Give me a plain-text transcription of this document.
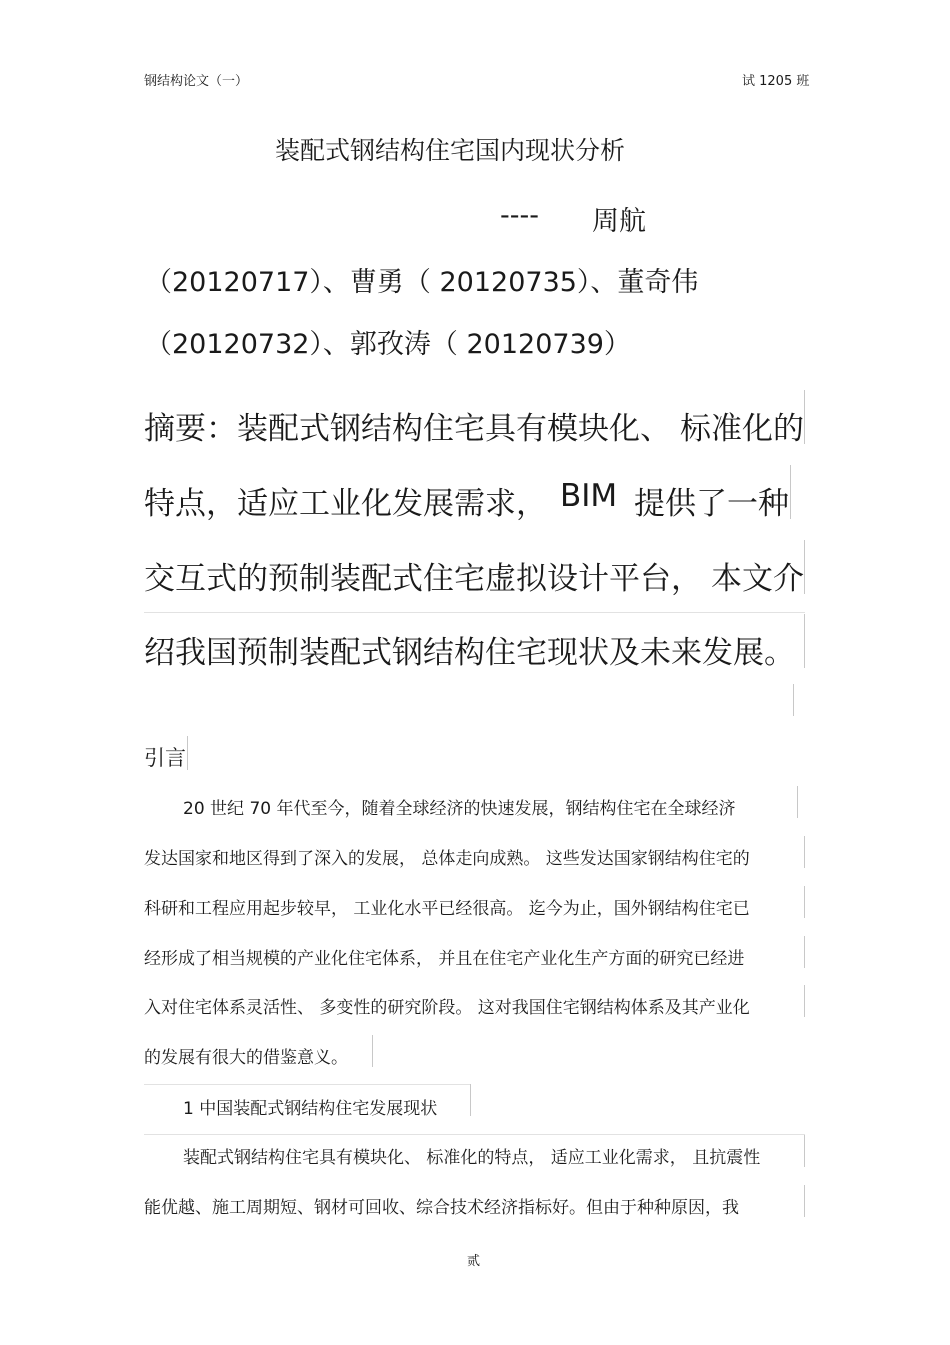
钢结构论文（一）	试 1205 班
装配式钢结构住宅国内现状分析
---- 周航
（20120717）、曹勇（ 20120735）、董奇伟
（20120732）、郭孜涛（ 20120739）
摘要：装配式钢结构住宅具有模块化、 标准化的
特点，适应工业化发展需求， BIM 提供了一种
交互式的预制装配式住宅虚拟设计平台， 本文介
绍我国预制装配式钢结构住宅现状及未来发展。
引言
20 世纪 70 年代至今，随着全球经济的快速发展，钢结构住宅在全球经济
发达国家和地区得到了深入的发展， 总体走向成熟。 这些发达国家钢结构住宅的
科研和工程应用起步较早， 工业化水平已经很高。 迄今为止，国外钢结构住宅已
经形成了相当规模的产业化住宅体系， 并且在住宅产业化生产方面的研究已经进
入对住宅体系灵活性、 多变性的研究阶段。 这对我国住宅钢结构体系及其产业化
的发展有很大的借鉴意义。
1 中国装配式钢结构住宅发展现状
装配式钢结构住宅具有模块化、 标准化的特点， 适应工业化需求， 且抗震性
能优越、施工周期短、钢材可回收、综合技术经济指标好。但由于种种原因，我
贰
